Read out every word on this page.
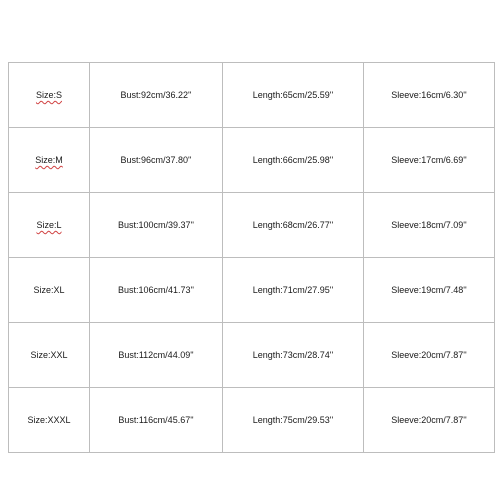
Size:S	Bust:92cm/36.22''	Length:65cm/25.59''	Sleeve:16cm/6.30''
Size:M	Bust:96cm/37.80''	Length:66cm/25.98''	Sleeve:17cm/6.69''
Size:L	Bust:100cm/39.37''	Length:68cm/26.77''	Sleeve:18cm/7.09''
Size:XL	Bust:106cm/41.73''	Length:71cm/27.95''	Sleeve:19cm/7.48''
Size:XXL	Bust:112cm/44.09''	Length:73cm/28.74''	Sleeve:20cm/7.87''
Size:XXXL	Bust:116cm/45.67''	Length:75cm/29.53''	Sleeve:20cm/7.87''
